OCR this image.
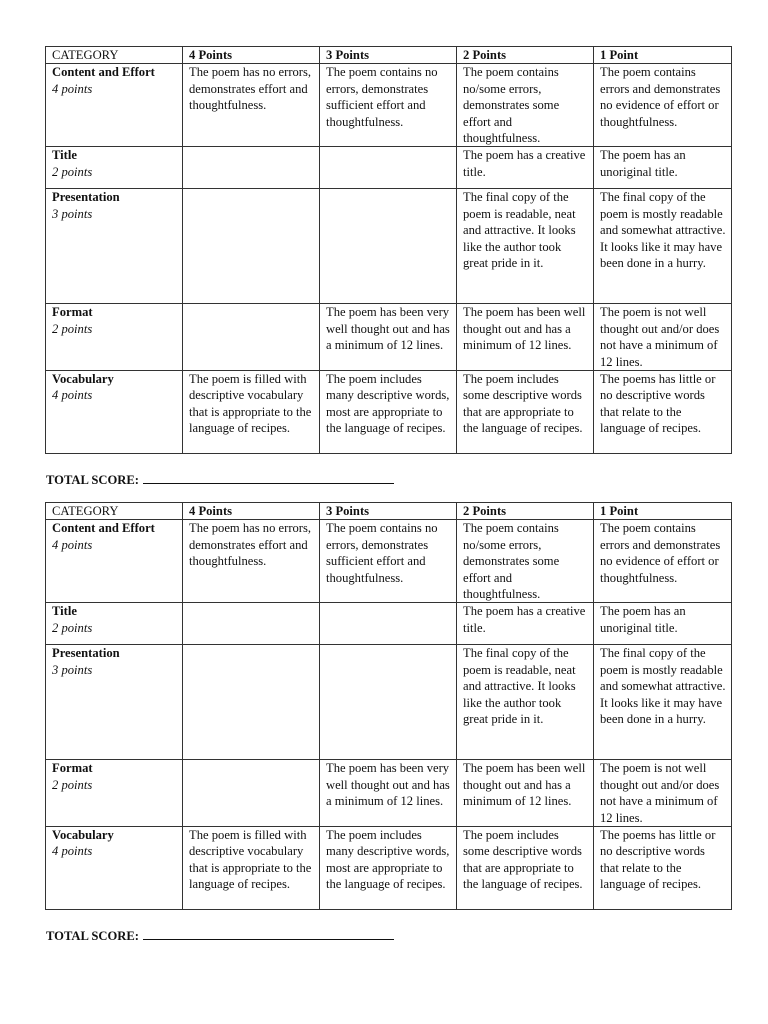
CATEGORY	4 Points	3 Points	2 Points	1 Point

Content and Effort
4 points	The poem has no errors, demonstrates effort and thoughtfulness.	The poem contains no errors, demonstrates sufficient effort and thoughtfulness.	The poem contains no/some errors, demonstrates some effort and thoughtfulness.	The poem contains errors and demonstrates no evidence of effort or thoughtfulness.

Title
2 points			The poem has a creative title.	The poem has an unoriginal title.

Presentation
3 points			The final copy of the poem is readable, neat and attractive. It looks like the author took great pride in it.	The final copy of the poem is mostly readable and somewhat attractive. It looks like it may have been done in a hurry.

Format
2 points		The poem has been very well thought out and has a minimum of 12 lines.	The poem has been well thought out and has a minimum of 12 lines.	The poem is not well thought out and/or does not have a minimum of 12 lines.

Vocabulary
4 points	The poem is filled with descriptive vocabulary that is appropriate to the language of recipes.	The poem includes many descriptive words, most are appropriate to the language of recipes.	The poem includes some descriptive words that are appropriate to the language of recipes.	The poems has little or no descriptive words that relate to the language of recipes.
TOTAL SCORE:
CATEGORY	4 Points	3 Points	2 Points	1 Point

Content and Effort
4 points	The poem has no errors, demonstrates effort and thoughtfulness.	The poem contains no errors, demonstrates sufficient effort and thoughtfulness.	The poem contains no/some errors, demonstrates some effort and thoughtfulness.	The poem contains errors and demonstrates no evidence of effort or thoughtfulness.

Title
2 points			The poem has a creative title.	The poem has an unoriginal title.

Presentation
3 points			The final copy of the poem is readable, neat and attractive. It looks like the author took great pride in it.	The final copy of the poem is mostly readable and somewhat attractive. It looks like it may have been done in a hurry.

Format
2 points		The poem has been very well thought out and has a minimum of 12 lines.	The poem has been well thought out and has a minimum of 12 lines.	The poem is not well thought out and/or does not have a minimum of 12 lines.

Vocabulary
4 points	The poem is filled with descriptive vocabulary that is appropriate to the language of recipes.	The poem includes many descriptive words, most are appropriate to the language of recipes.	The poem includes some descriptive words that are appropriate to the language of recipes.	The poems has little or no descriptive words that relate to the language of recipes.
TOTAL SCORE:
